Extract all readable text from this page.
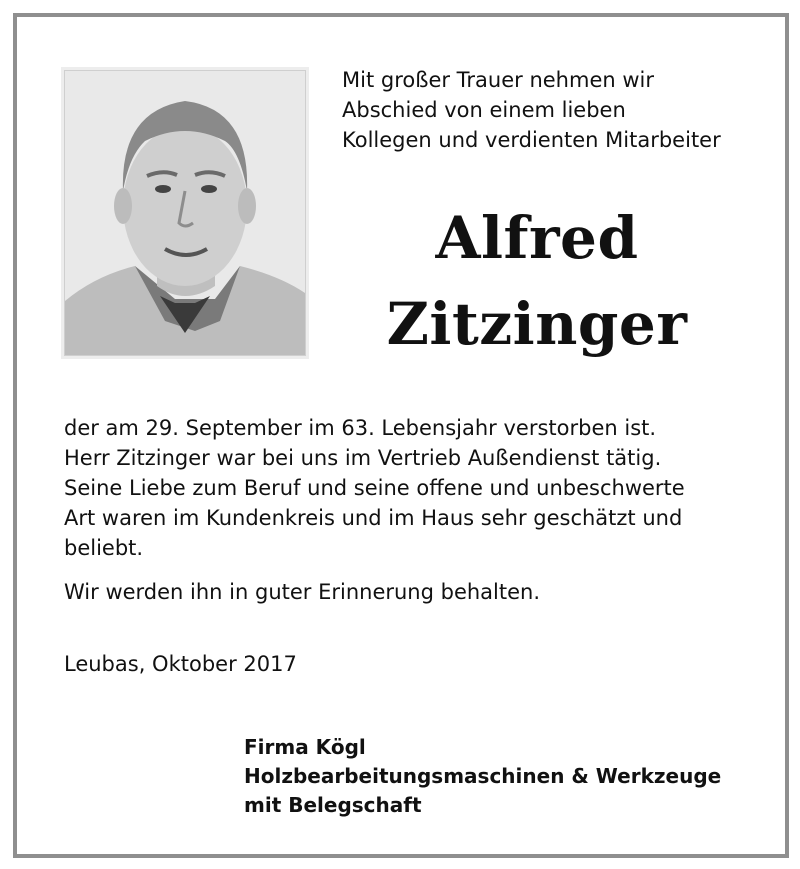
Mit großer Trauer nehmen wir
Abschied von einem lieben
Kollegen und verdienten Mitarbeiter
Alfred
Zitzinger
der am 29. September im 63. Lebensjahr verstorben ist.
Herr Zitzinger war bei uns im Vertrieb Außendienst tätig.
Seine Liebe zum Beruf und seine offene und unbeschwerte
Art waren im Kundenkreis und im Haus sehr geschätzt und
beliebt.
Wir werden ihn in guter Erinnerung behalten.
Leubas, Oktober 2017
Firma Kögl
Holzbearbeitungsmaschinen & Werkzeuge
mit Belegschaft
